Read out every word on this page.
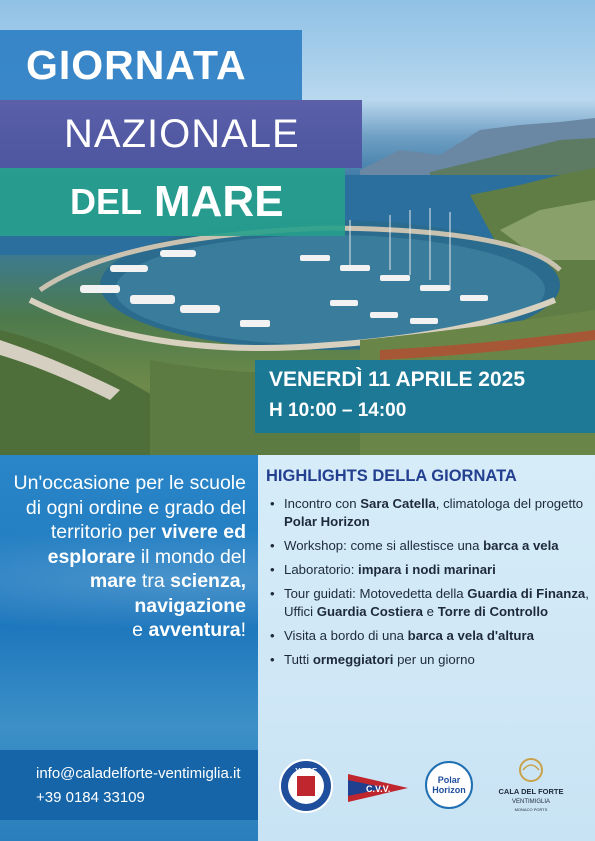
GIORNATA
NAZIONALE
DEL MARE
VENERDÌ 11 APRILE 2025
H 10:00 – 14:00
Un'occasione per le scuole di ogni ordine e grado del territorio per vivere ed esplorare il mondo del mare tra scienza,
navigazione
e avventura!
info@caladelforte-ventimiglia.it
+39 0184 33109
HIGHLIGHTS DELLA GIORNATA
• Incontro con Sara Catella, climatologa del progetto Polar Horizon
• Workshop: come si allestisce una barca a vela
• Laboratorio: impara i nodi marinari
• Tour guidati: Motovedetta della Guardia di Finanza, Uffici Guardia Costiera e Torre di Controllo
• Visita a bordo di una barca a vela d'altura
• Tutti ormeggiatori per un giorno
YCCF
C.V.V.
Polar
Horizon	CALA DEL FORTE
VENTIMIGLIA
MONACO PORTS
